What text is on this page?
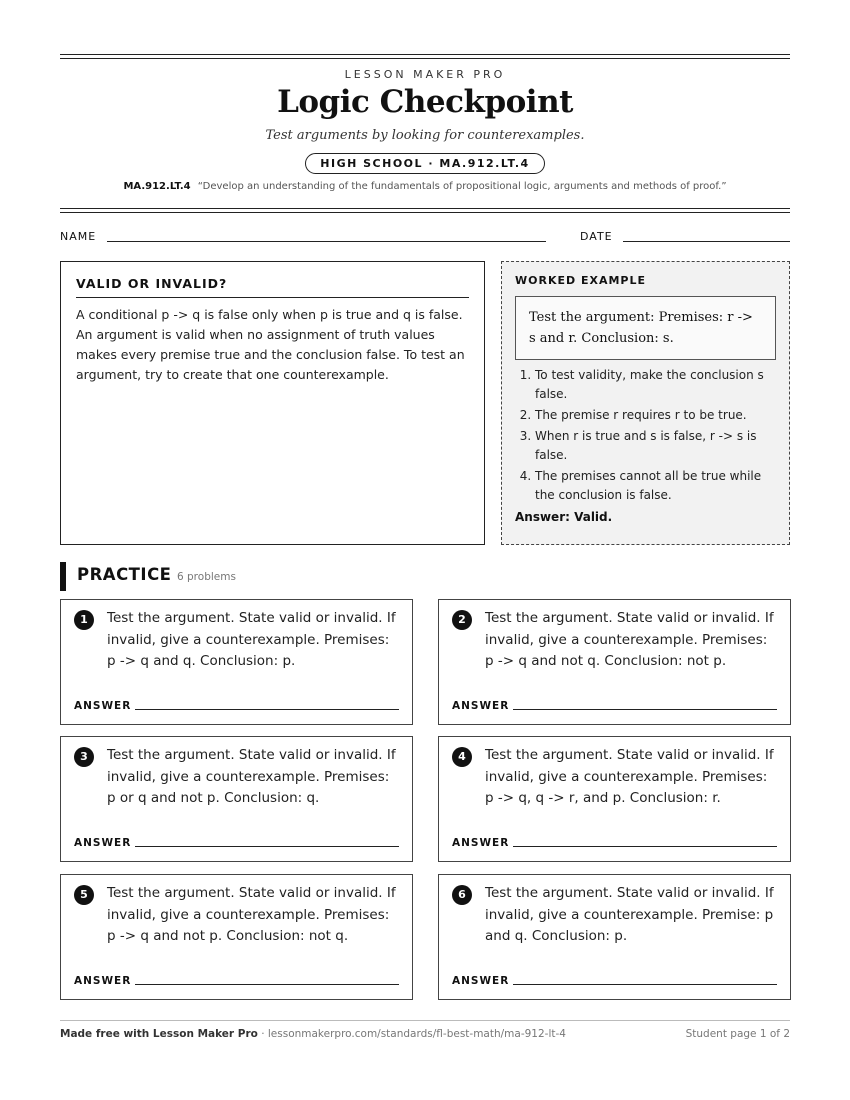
LESSON MAKER PRO
Logic Checkpoint
Test arguments by looking for counterexamples.
HIGH SCHOOL · MA.912.LT.4
MA.912.LT.4 “Develop an understanding of the fundamentals of propositional logic, arguments and methods of proof.”
NAME	DATE
VALID OR INVALID?
A conditional p -> q is false only when p is true and q is false. An argument is valid when no assignment of truth values makes every premise true and the conclusion false. To test an argument, try to create that one counterexample.
WORKED EXAMPLE
Test the argument: Premises: r -> s and r. Conclusion: s.
1. To test validity, make the conclusion s false.
2. The premise r requires r to be true.
3. When r is true and s is false, r -> s is false.
4. The premises cannot all be true while the conclusion is false.
Answer: Valid.
PRACTICE 6 problems
1	Test the argument. State valid or invalid. If invalid, give a counterexample. Premises: p -> q and q. Conclusion: p.
ANSWER
2	Test the argument. State valid or invalid. If invalid, give a counterexample. Premises: p -> q and not q. Conclusion: not p.
ANSWER
3	Test the argument. State valid or invalid. If invalid, give a counterexample. Premises: p or q and not p. Conclusion: q.
ANSWER
4	Test the argument. State valid or invalid. If invalid, give a counterexample. Premises: p -> q, q -> r, and p. Conclusion: r.
ANSWER
5	Test the argument. State valid or invalid. If invalid, give a counterexample. Premises: p -> q and not p. Conclusion: not q.
ANSWER
6	Test the argument. State valid or invalid. If invalid, give a counterexample. Premise: p and q. Conclusion: p.
ANSWER
Made free with Lesson Maker Pro · lessonmakerpro.com/standards/fl-best-math/ma-912-lt-4	Student page 1 of 2
